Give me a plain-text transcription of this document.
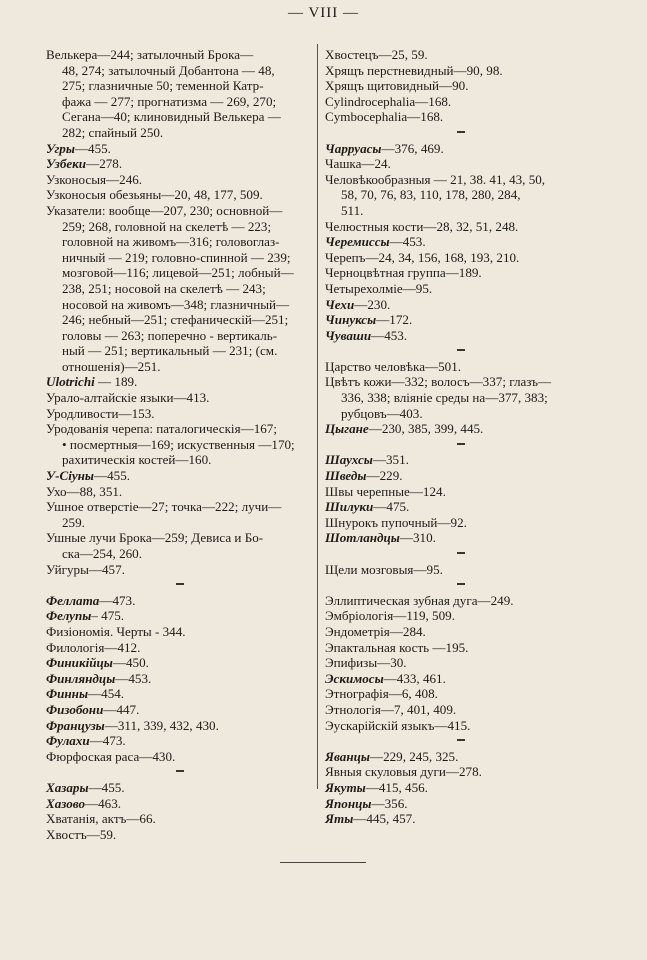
— VIII —
Велькера—244; затылочный Брока—
48, 274; затылочный Добантона — 48,
275; глазничные 50; теменной Катр-
фажа — 277; прогнатизма — 269, 270;
Сегана—40; клиновидный Велькера —
282; спайный 250.
Угры—455.
Узбеки—278.
Узконосыя—246.
Узконосыя обезьяны—20, 48, 177, 509.
Указатели: вообще—207, 230; основной—
259; 268, головной на скелетѣ — 223;
головной на живомъ—316; головоглаз-
ничный — 219; головно-спинной — 239;
мозговой—116; лицевой—251; лобный—
238, 251; носовой на скелетѣ — 243;
носовой на живомъ—348; глазничный—
246; небный—251; стефаническій—251;
головы — 263; поперечно - вертикаль-
ный — 251; вертикальный — 231; (см.
отношенія)—251.
Ulotrichi — 189.
Урало-алтайскіе языки—413.
Уродливости—153.
Уродованія черепа: паталогическія—167;
• посмертныя—169; искуственныя —170;
рахитическія костей—160.
У-Сіуны—455.
Ухо—88, 351.
Ушное отверстіе—27; точка—222; лучи—
259.
Ушные лучи Брока—259; Девиса и Бо-
ска—254, 260.
Уйгуры—457.
Феллата—473.
Фелупы– 475.
Физіономія. Черты - 344.
Филологія—412.
Финикійцы—450.
Финляндцы—453.
Финны—454.
Физобони—447.
Французы—311, 339, 432, 430.
Фулахи—473.
Фюрфоская раса—430.
Хазары—455.
Хазово—463.
Хватанія, актъ—66.
Хвостъ—59.
Хвостецъ—25, 59.
Хрящъ перстневидный—90, 98.
Хрящъ щитовидный—90.
Cylindrocephalia—168.
Cymbocephalia—168.
Чарруасы—376, 469.
Чашка—24.
Человѣкообразныя — 21, 38. 41, 43, 50,
58, 70, 76, 83, 110, 178, 280, 284,
511.
Челюстныя кости—28, 32, 51, 248.
Черемиссы—453.
Черепъ—24, 34, 156, 168, 193, 210.
Черноцвѣтная группа—189.
Четырехолміе—95.
Чехи—230.
Чинуксы—172.
Чуваши—453.
Царство человѣка—501.
Цвѣтъ кожи—332; волосъ—337; глазъ—
336, 338; вліяніе среды на—377, 383;
рубцовъ—403.
Цыгане—230, 385, 399, 445.
Шаухсы—351.
Шведы—229.
Швы черепные—124.
Шилуки—475.
Шнурокъ пупочный—92.
Шотландцы—310.
Щели мозговыя—95.
Эллиптическая зубная дуга—249.
Эмбріологія—119, 509.
Эндометрія—284.
Эпактальная кость —195.
Эпифизы—30.
Эскимосы—433, 461.
Этнографія—6, 408.
Этнологія—7, 401, 409.
Эускарійскій языкъ—415.
Яванцы—229, 245, 325.
Явныя скуловыя дуги—278.
Якуты—415, 456.
Японцы—356.
Яты—445, 457.
